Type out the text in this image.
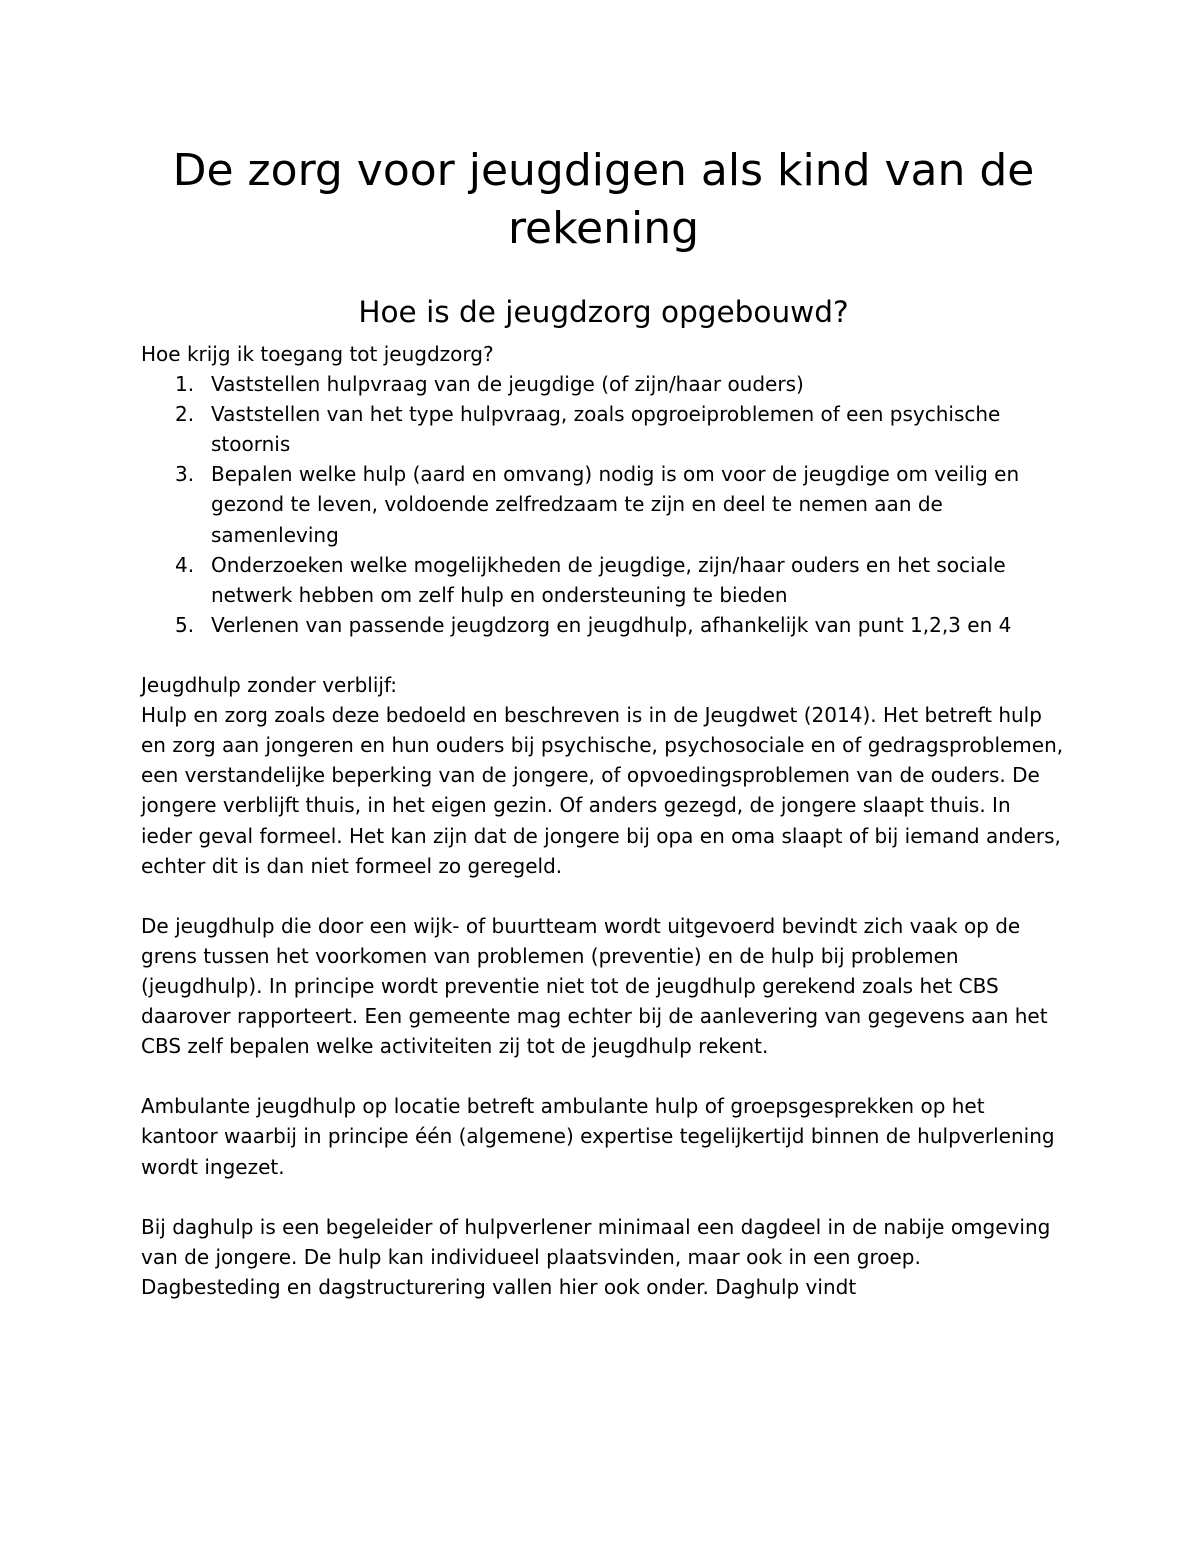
De zorg voor jeugdigen als kind van de rekening
Hoe is de jeugdzorg opgebouwd?

Hoe krijg ik toegang tot jeugdzorg?

1. Vaststellen hulpvraag van de jeugdige (of zijn/haar ouders)
2. Vaststellen van het type hulpvraag, zoals opgroeiproblemen of een psychische stoornis
3. Bepalen welke hulp (aard en omvang) nodig is om voor de jeugdige om veilig en gezond te leven, voldoende zelfredzaam te zijn en deel te nemen aan de samenleving
4. Onderzoeken welke mogelijkheden de jeugdige, zijn/haar ouders en het sociale netwerk hebben om zelf hulp en ondersteuning te bieden
5. Verlenen van passende jeugdzorg en jeugdhulp, afhankelijk van punt 1,2,3 en 4

Jeugdhulp zonder verblijf:

Hulp en zorg zoals deze bedoeld en beschreven is in de Jeugdwet (2014). Het betreft hulp en zorg aan jongeren en hun ouders bij psychische, psychosociale en of gedragsproblemen, een verstandelijke beperking van de jongere, of opvoedingsproblemen van de ouders. De jongere verblijft thuis, in het eigen gezin. Of anders gezegd, de jongere slaapt thuis. In ieder geval formeel. Het kan zijn dat de jongere bij opa en oma slaapt of bij iemand anders, echter dit is dan niet formeel zo geregeld.

De jeugdhulp die door een wijk- of buurtteam wordt uitgevoerd bevindt zich vaak op de grens tussen het voorkomen van problemen (preventie) en de hulp bij problemen (jeugdhulp). In principe wordt preventie niet tot de jeugdhulp gerekend zoals het CBS daarover rapporteert. Een gemeente mag echter bij de aanlevering van gegevens aan het CBS zelf bepalen welke activiteiten zij tot de jeugdhulp rekent.

Ambulante jeugdhulp op locatie betreft ambulante hulp of groepsgesprekken op het kantoor waarbij in principe één (algemene) expertise tegelijkertijd binnen de hulpverlening wordt ingezet.

Bij daghulp is een begeleider of hulpverlener minimaal een dagdeel in de nabije omgeving van de jongere. De hulp kan individueel plaatsvinden, maar ook in een groep. Dagbesteding en dagstructurering vallen hier ook onder. Daghulp vindt
